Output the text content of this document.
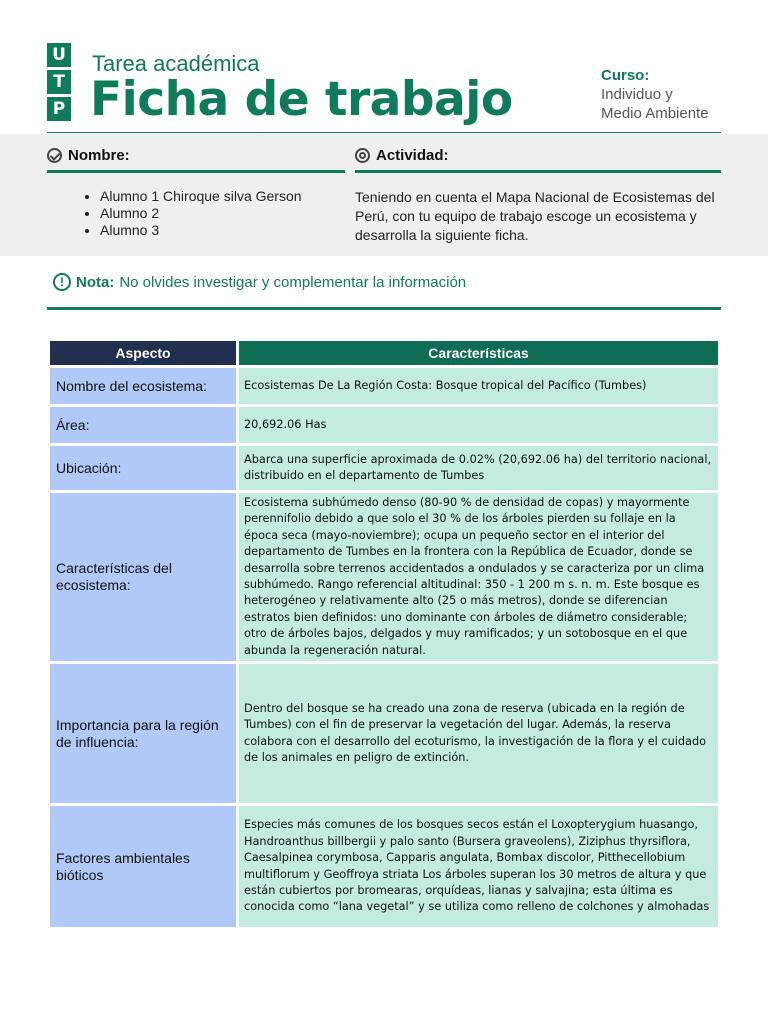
U
T
P
Tarea académica
Ficha de trabajo	Curso:
Individuo y
Medio Ambiente
Nombre:	Actividad:
• Alumno 1 Chiroque silva Gerson
• Alumno 2
• Alumno 3
Teniendo en cuenta el Mapa Nacional de Ecosistemas del Perú, con tu equipo de trabajo escoge un ecosistema y desarrolla la siguiente ficha.
! Nota: No olvides investigar y complementar la información
Aspecto	Características
Nombre del ecosistema:	Ecosistemas De La Región Costa: Bosque tropical del Pacífico (Tumbes)
Área:	20,692.06 Has
Ubicación:	Abarca una superficie aproximada de 0.02% (20,692.06 ha) del territorio nacional, distribuido en el departamento de Tumbes
Características del ecosistema:	Ecosistema subhúmedo denso (80-90 % de densidad de copas) y mayormente perennifolio debido a que solo el 30 % de los árboles pierden su follaje en la época seca (mayo-noviembre); ocupa un pequeño sector en el interior del departamento de Tumbes en la frontera con la República de Ecuador, donde se desarrolla sobre terrenos accidentados a ondulados y se caracteriza por un clima subhúmedo. Rango referencial altitudinal: 350 - 1 200 m s. n. m. Este bosque es heterogéneo y relativamente alto (25 o más metros), donde se diferencian estratos bien definidos: uno dominante con árboles de diámetro considerable; otro de árboles bajos, delgados y muy ramificados; y un sotobosque en el que abunda la regeneración natural.
Importancia para la región de influencia:	Dentro del bosque se ha creado una zona de reserva (ubicada en la región de Tumbes) con el fin de preservar la vegetación del lugar. Además, la reserva colabora con el desarrollo del ecoturismo, la investigación de la flora y el cuidado de los animales en peligro de extinción.
Factores ambientales bióticos	Especies más comunes de los bosques secos están el Loxopterygium huasango, Handroanthus billbergii y palo santo (Bursera graveolens), Ziziphus thyrsiflora, Caesalpinea corymbosa, Capparis angulata, Bombax discolor, Pitthecellobium multiflorum y Geoffroya striata Los árboles superan los 30 metros de altura y que están cubiertos por bromearas, orquídeas, lianas y salvajina; esta última es conocida como “lana vegetal” y se utiliza como relleno de colchones y almohadas
